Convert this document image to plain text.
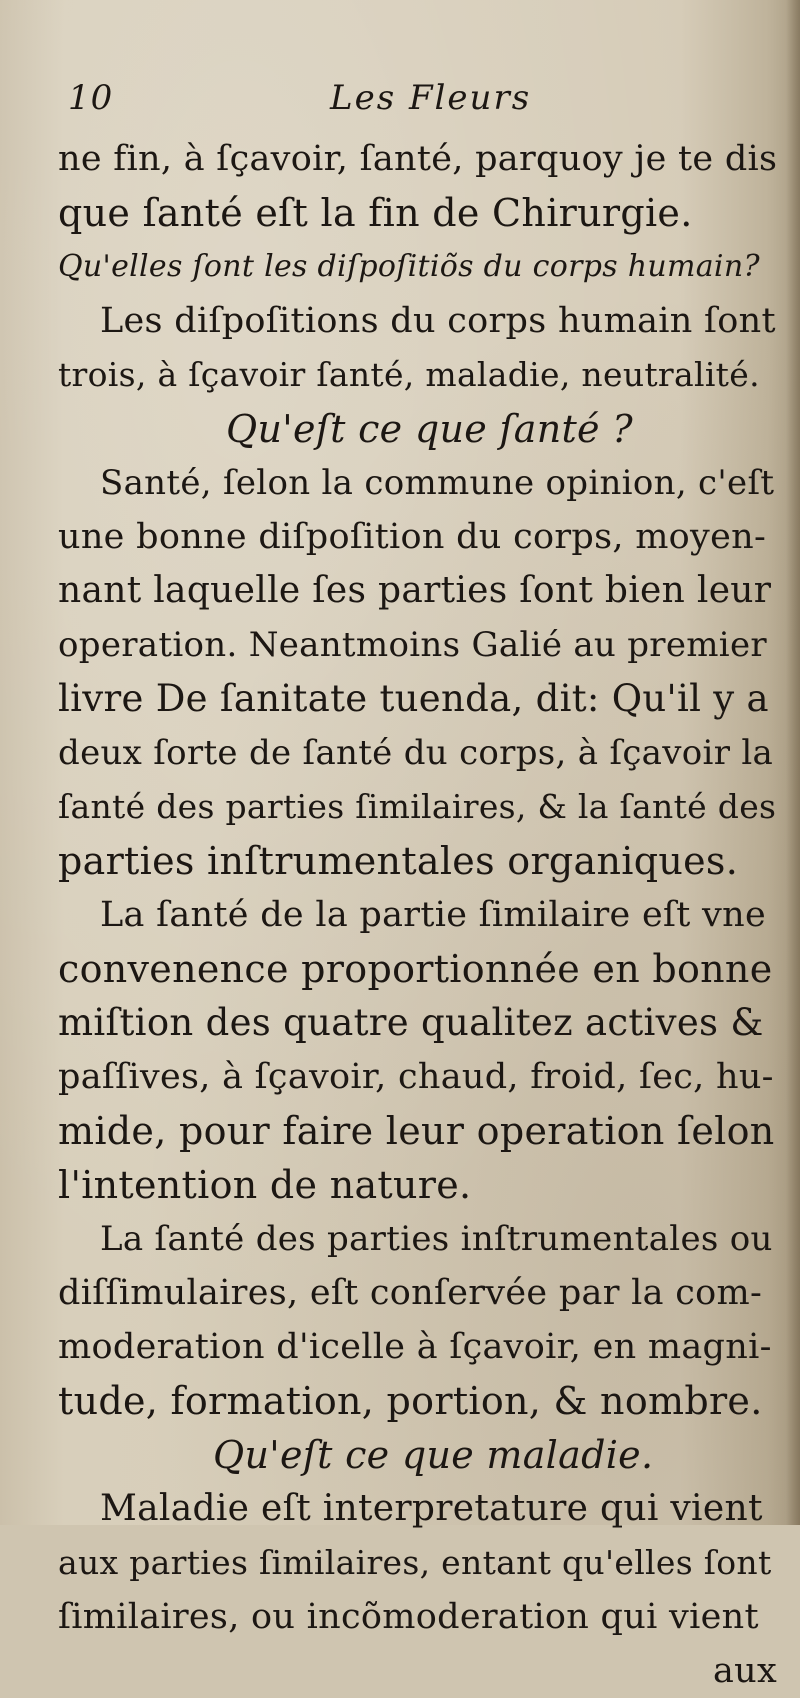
10	Les Fleurs
ne fin, à ſçavoir, ſanté, parquoy je te dis
que ſanté eſt la fin de Chirurgie.
Qu'elles ſont les diſpoſitiõs du corps humain?
Les diſpoſitions du corps humain ſont
trois, à ſçavoir ſanté, maladie, neutralité.
Qu'eſt ce que ſanté ?
Santé, ſelon la commune opinion, c'eſt
une bonne diſpoſition du corps, moyen-
nant laquelle ſes parties ſont bien leur
operation. Neantmoins Galié au premier
livre De ſanitate tuenda, dit: Qu'il y a
deux ſorte de ſanté du corps, à ſçavoir la
ſanté des parties ſimilaires, & la ſanté des
parties inſtrumentales organiques.
La ſanté de la partie ſimilaire eſt vne
convenence proportionnée en bonne
miſtion des quatre qualitez actives &
paſſives, à ſçavoir, chaud, froid, ſec, hu-
mide, pour faire leur operation ſelon
l'intention de nature.
La ſanté des parties inſtrumentales ou
diſſimulaires, eſt conſervée par la com-
moderation d'icelle à ſçavoir, en magni-
tude, formation, portion, & nombre.
Qu'eſt ce que maladie.
Maladie eſt interpretature qui vient
aux parties ſimilaires, entant qu'elles ſont
ſimilaires, ou incõmoderation qui vient
aux
